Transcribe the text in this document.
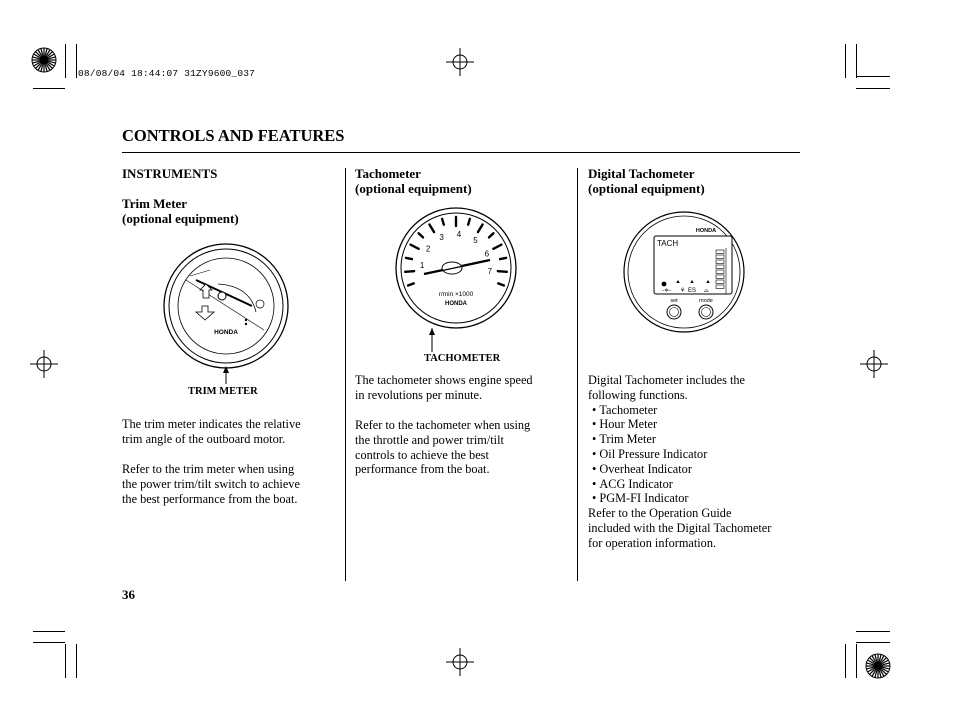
08/08/04 18:44:07 31ZY9600_037
CONTROLS AND FEATURES
INSTRUMENTS
Trim Meter
(optional equipment)
HONDA
TRIM METER
The trim meter indicates the relative
trim angle of the outboard motor.
Refer to the trim meter when using
the power trim/tilt switch to achieve
the best performance from the boat.
Tachometer
(optional equipment)
1
2
3 4
5
6
7
r/min ×1000
HONDA
TACHOMETER
The tachometer shows engine speed
in revolutions per minute.
Refer to the tachometer when using
the throttle and power trim/tilt
controls to achieve the best
performance from the boat.
Digital Tachometer
(optional equipment)
HONDA
TACH
-≑- ⚘ ES ⌓
set	mode
Digital Tachometer includes the
following functions.
• Tachometer
• Hour Meter
• Trim Meter
• Oil Pressure Indicator
• Overheat Indicator
• ACG Indicator
• PGM-FI Indicator
Refer to the Operation Guide
included with the Digital Tachometer
for operation information.
36
